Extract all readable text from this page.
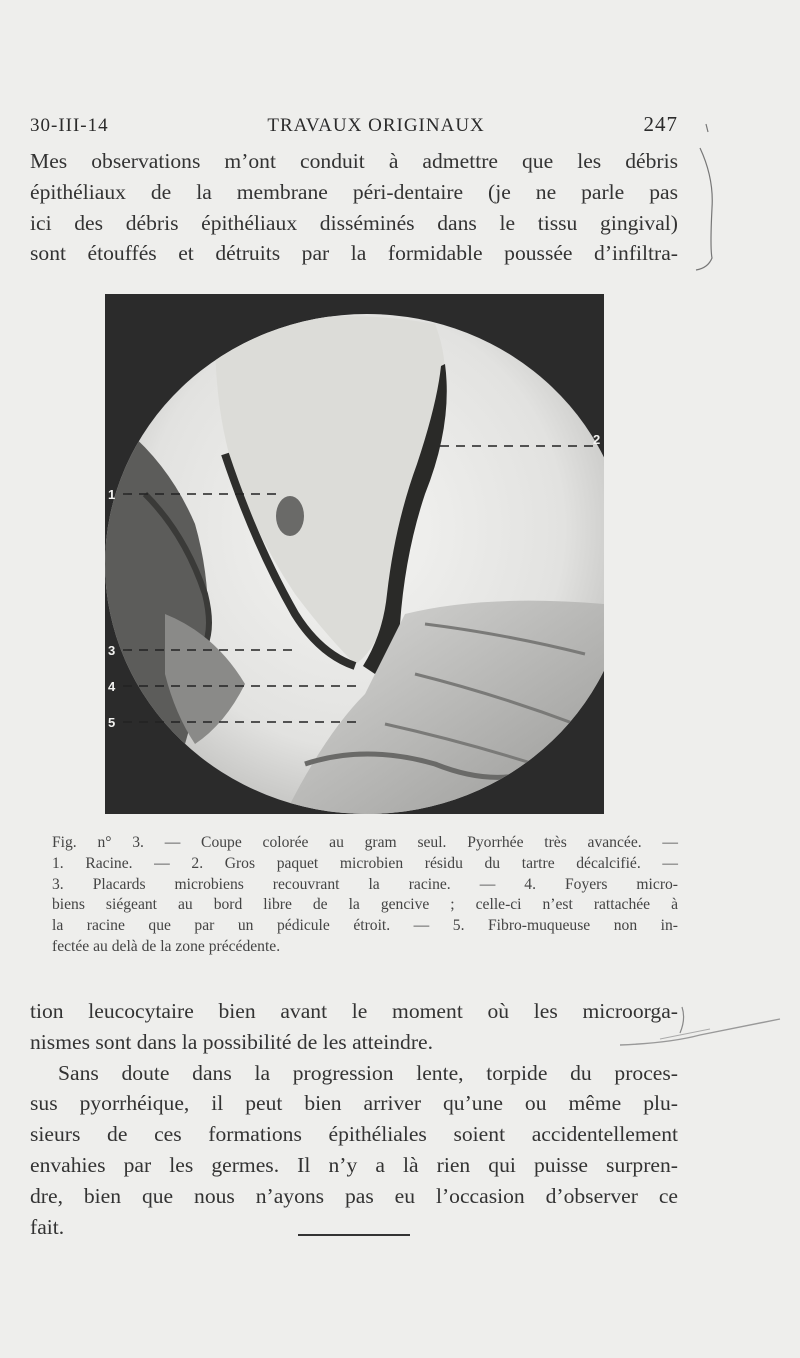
30-III-14	TRAVAUX ORIGINAUX	247
Mes observations m’ont conduit à admettre que les débris
épithéliaux de la membrane péri-dentaire (je ne parle pas
ici des débris épithéliaux disséminés dans le tissu gingival)
sont étouffés et détruits par la formidable poussée d’infiltra-
1
2
3
4
5
Fig. n° 3. — Coupe colorée au gram seul. Pyorrhée très avancée. —
1. Racine. — 2. Gros paquet microbien résidu du tartre décalcifié. —
3. Placards microbiens recouvrant la racine. — 4. Foyers micro-
biens siégeant au bord libre de la gencive ; celle-ci n’est rattachée à
la racine que par un pédicule étroit. — 5. Fibro-muqueuse non in-
fectée au delà de la zone précédente.
tion leucocytaire bien avant le moment où les microorga-
nismes sont dans la possibilité de les atteindre.
Sans doute dans la progression lente, torpide du proces-
sus pyorrhéique, il peut bien arriver qu’une ou même plu-
sieurs de ces formations épithéliales soient accidentellement
envahies par les germes. Il n’y a là rien qui puisse surpren-
dre, bien que nous n’ayons pas eu l’occasion d’observer ce
fait.
